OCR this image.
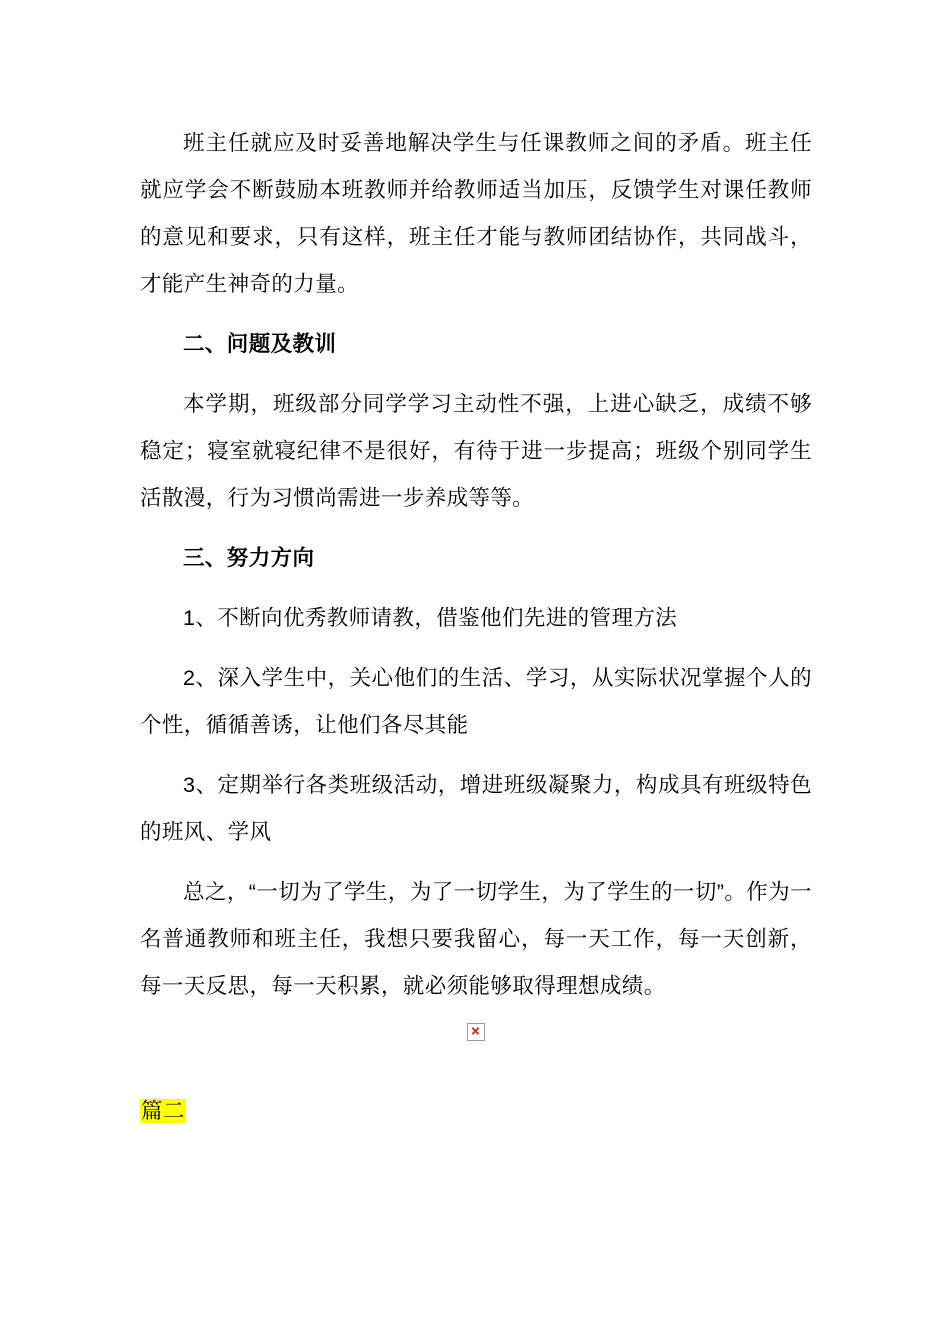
班主任就应及时妥善地解决学生与任课教师之间的矛盾。班主任就应学会不断鼓励本班教师并给教师适当加压，反馈学生对课任教师的意见和要求，只有这样，班主任才能与教师团结协作，共同战斗，才能产生神奇的力量。

二、问题及教训

本学期，班级部分同学学习主动性不强，上进心缺乏，成绩不够稳定；寝室就寝纪律不是很好，有待于进一步提高；班级个别同学生活散漫，行为习惯尚需进一步养成等等。

三、努力方向

1、不断向优秀教师请教，借鉴他们先进的管理方法

2、深入学生中，关心他们的生活、学习，从实际状况掌握个人的个性，循循善诱，让他们各尽其能

3、定期举行各类班级活动，增进班级凝聚力，构成具有班级特色的班风、学风

总之，“一切为了学生，为了一切学生，为了学生的一切”。作为一名普通教师和班主任，我想只要我留心，每一天工作，每一天创新，每一天反思，每一天积累，就必须能够取得理想成绩。

篇二
